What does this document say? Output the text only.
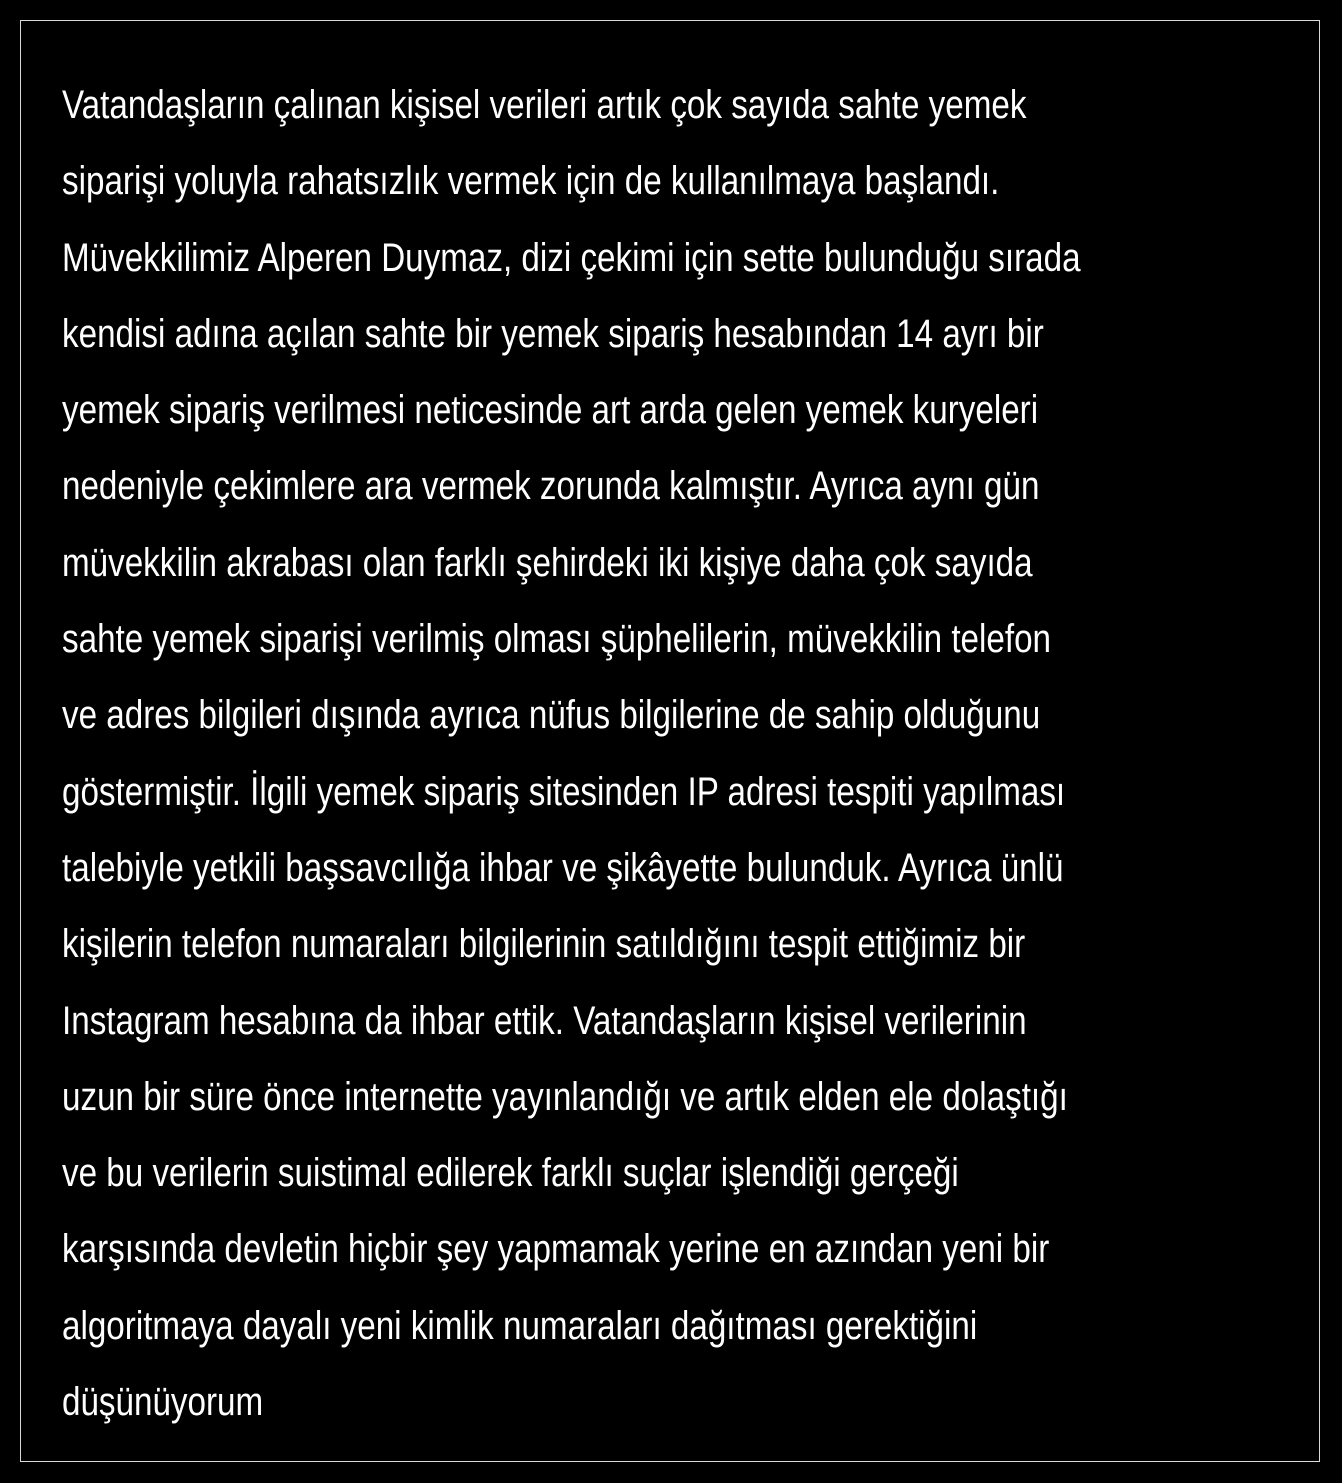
Vatandaşların çalınan kişisel verileri artık çok sayıda sahte yemek
siparişi yoluyla rahatsızlık vermek için de kullanılmaya başlandı.
Müvekkilimiz Alperen Duymaz, dizi çekimi için sette bulunduğu sırada
kendisi adına açılan sahte bir yemek sipariş hesabından 14 ayrı bir
yemek sipariş verilmesi neticesinde art arda gelen yemek kuryeleri
nedeniyle çekimlere ara vermek zorunda kalmıştır. Ayrıca aynı gün
müvekkilin akrabası olan farklı şehirdeki iki kişiye daha çok sayıda
sahte yemek siparişi verilmiş olması şüphelilerin, müvekkilin telefon
ve adres bilgileri dışında ayrıca nüfus bilgilerine de sahip olduğunu
göstermiştir. İlgili yemek sipariş sitesinden IP adresi tespiti yapılması
talebiyle yetkili başsavcılığa ihbar ve şikâyette bulunduk. Ayrıca ünlü
kişilerin telefon numaraları bilgilerinin satıldığını tespit ettiğimiz bir
Instagram hesabına da ihbar ettik. Vatandaşların kişisel verilerinin
uzun bir süre önce internette yayınlandığı ve artık elden ele dolaştığı
ve bu verilerin suistimal edilerek farklı suçlar işlendiği gerçeği
karşısında devletin hiçbir şey yapmamak yerine en azından yeni bir
algoritmaya dayalı yeni kimlik numaraları dağıtması gerektiğini
düşünüyorum
